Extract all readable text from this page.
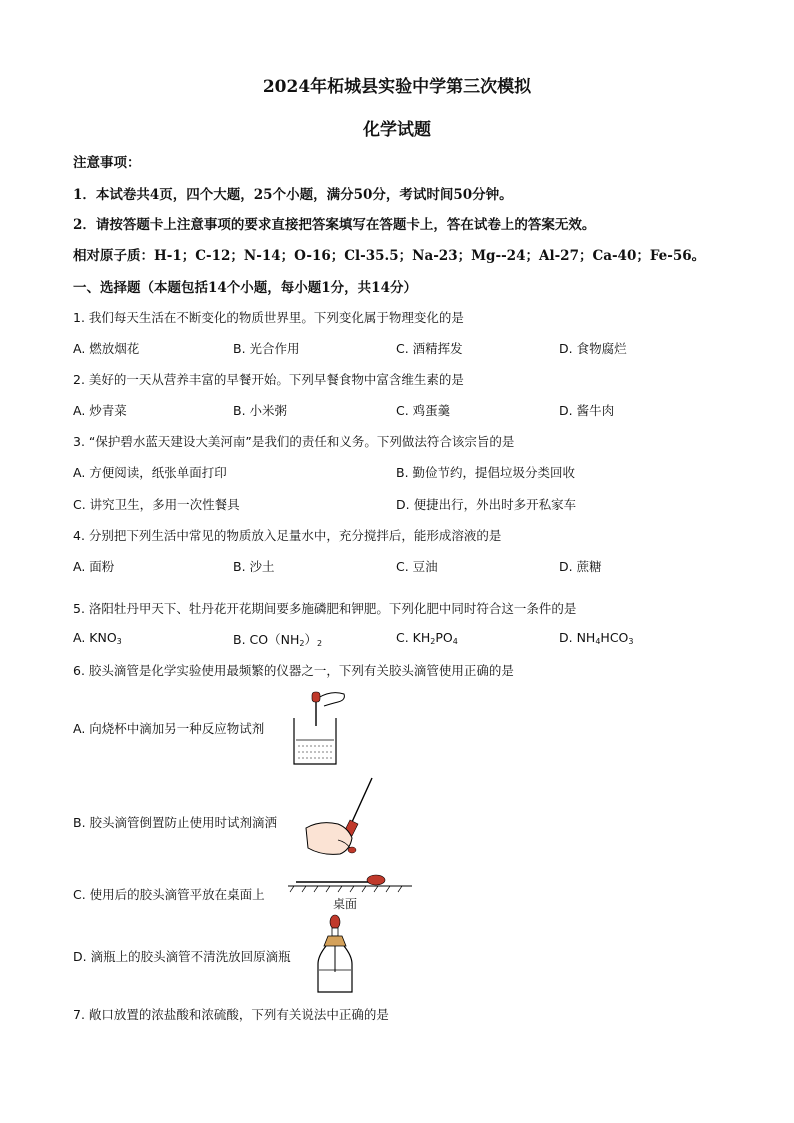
2024年柘城县实验中学第三次模拟
化学试题
注意事项：
1．本试卷共4页，四个大题，25个小题，满分50分，考试时间50分钟。
2．请按答题卡上注意事项的要求直接把答案填写在答题卡上，答在试卷上的答案无效。
相对原子质：H-1；C-12；N-14；O-16；Cl-35.5；Na-23；Mg--24；Al-27；Ca-40；Fe-56。
一、选择题（本题包括14个小题，每小题1分，共14分）
1. 我们每天生活在不断变化的物质世界里。下列变化属于物理变化的是
A. 燃放烟花	B. 光合作用	C. 酒精挥发	D. 食物腐烂
2. 美好的一天从营养丰富的早餐开始。下列早餐食物中富含维生素的是
A. 炒青菜	B. 小米粥	C. 鸡蛋羹	D. 酱牛肉
3. “保护碧水蓝天建设大美河南”是我们的责任和义务。下列做法符合该宗旨的是
A. 方便阅读，纸张单面打印	B. 勤俭节约，提倡垃圾分类回收
C. 讲究卫生，多用一次性餐具	D. 便捷出行，外出时多开私家车
4. 分别把下列生活中常见的物质放入足量水中，充分搅拌后，能形成溶液的是
A. 面粉	B. 沙土	C. 豆油	D. 蔗糖
5. 洛阳牡丹甲天下、牡丹花开花期间要多施磷肥和钾肥。下列化肥中同时符合这一条件的是
A. $KNO_3$	B. $CO(NH_2)_2$	C. $KH_2PO_4$	D. $NH_4HCO_3$
6. 胶头滴管是化学实验使用最频繁的仪器之一，下列有关胶头滴管使用正确的是
A. 向烧杯中滴加另一种反应物试剂
B. 胶头滴管倒置防止使用时试剂滴洒
C. 使用后的胶头滴管平放在桌面上
桌面
D. 滴瓶上的胶头滴管不清洗放回原滴瓶
7. 敞口放置的浓盐酸和浓硫酸，下列有关说法中正确的是
